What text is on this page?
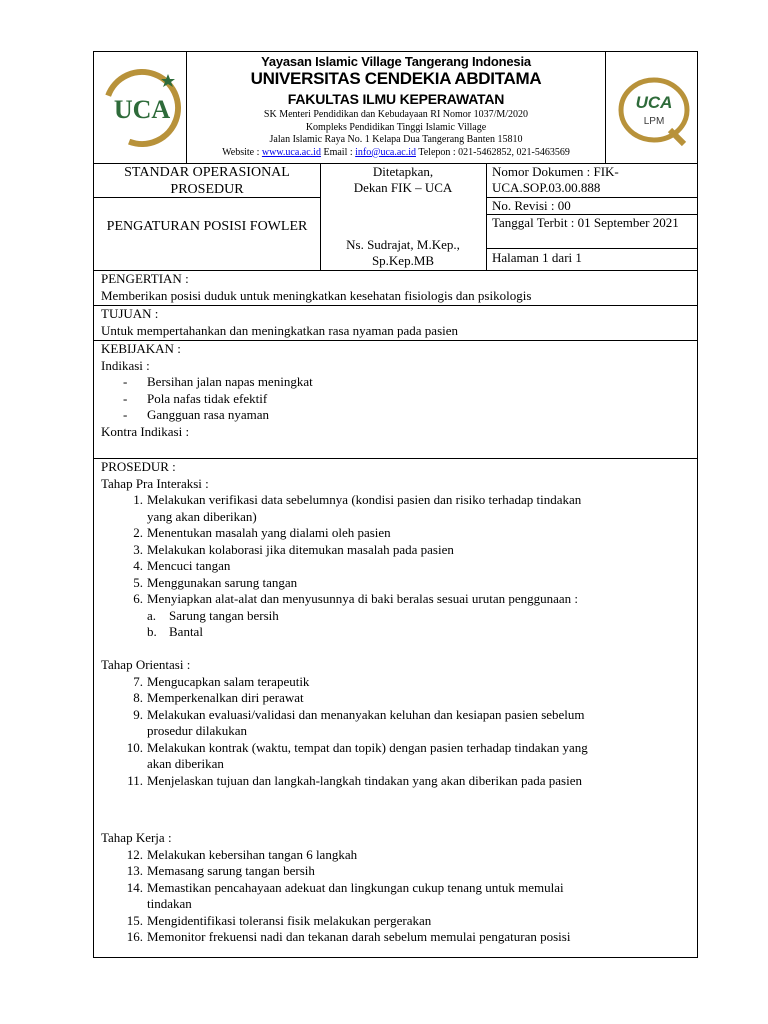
UCA
Yayasan Islamic Village Tangerang Indonesia
UNIVERSITAS CENDEKIA ABDITAMA
FAKULTAS ILMU KEPERAWATAN
SK Menteri Pendidikan dan Kebudayaan RI Nomor 1037/M/2020
Kompleks Pendidikan Tinggi Islamic Village
Jalan Islamic Raya No. 1 Kelapa Dua Tangerang Banten 15810
Website : www.uca.ac.id Email : info@uca.ac.id Telepon : 021-5462852, 021-5463569
UCA
LPM
STANDAR OPERASIONAL PROSEDUR
PENGATURAN POSISI FOWLER
Ditetapkan,
Dekan FIK – UCA
Ns. Sudrajat, M.Kep., Sp.Kep.MB
Nomor Dokumen : FIK-UCA.SOP.03.00.888
No. Revisi : 00
Tanggal Terbit : 01 September 2021
Halaman 1 dari 1
PENGERTIAN :
Memberikan posisi duduk untuk meningkatkan kesehatan fisiologis dan psikologis
TUJUAN :
Untuk mempertahankan dan meningkatkan rasa nyaman pada pasien
KEBIJAKAN :
Indikasi :
- Bersihan jalan napas meningkat
- Pola nafas tidak efektif
- Gangguan rasa nyaman
Kontra Indikasi :
PROSEDUR :
Tahap Pra Interaksi :
1. Melakukan verifikasi data sebelumnya (kondisi pasien dan risiko terhadap tindakan
yang akan diberikan)
2. Menentukan masalah yang dialami oleh pasien
3. Melakukan kolaborasi jika ditemukan masalah pada pasien
4. Mencuci tangan
5. Menggunakan sarung tangan
6. Menyiapkan alat-alat dan menyusunnya di baki beralas sesuai urutan penggunaan :
a. Sarung tangan bersih
b. Bantal
Tahap Orientasi :
7. Mengucapkan salam terapeutik
8. Memperkenalkan diri perawat
9. Melakukan evaluasi/validasi dan menanyakan keluhan dan kesiapan pasien sebelum
prosedur dilakukan
10. Melakukan kontrak (waktu, tempat dan topik) dengan pasien terhadap tindakan yang
akan diberikan
11. Menjelaskan tujuan dan langkah-langkah tindakan yang akan diberikan pada pasien
Tahap Kerja :
12. Melakukan kebersihan tangan 6 langkah
13. Memasang sarung tangan bersih
14. Memastikan pencahayaan adekuat dan lingkungan cukup tenang untuk memulai
tindakan
15. Mengidentifikasi toleransi fisik melakukan pergerakan
16. Memonitor frekuensi nadi dan tekanan darah sebelum memulai pengaturan posisi
